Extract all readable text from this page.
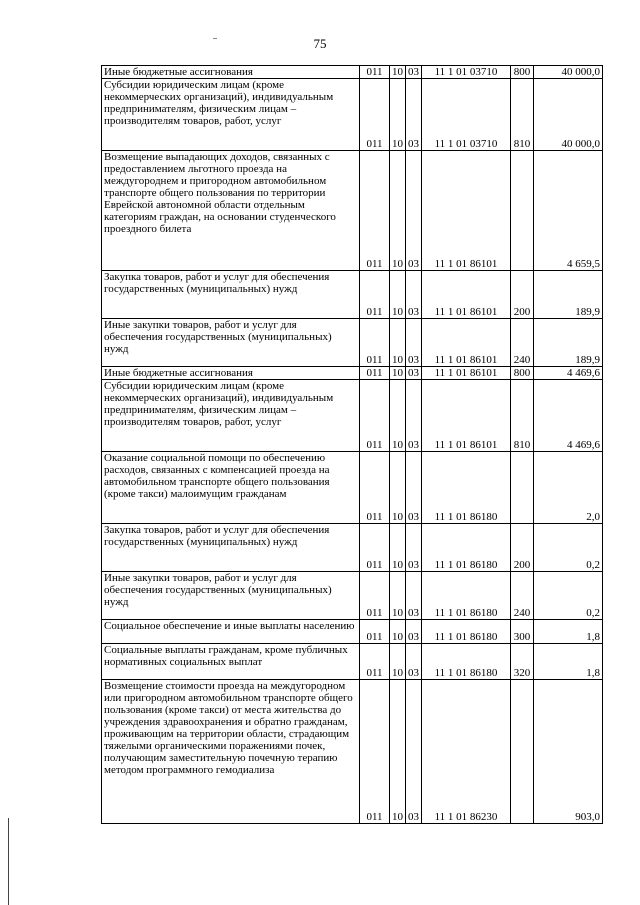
75
Иные бюджетные ассигнования	011	10	03	11 1 01 03710	800	40 000,0
Субсидии юридическим лицам (кроме некоммерческих организаций), индивидуальным предпринимателям, физическим лицам – производителям товаров, работ, услуг	011	10	03	11 1 01 03710	810	40 000,0
Возмещение выпадающих доходов, связанных с предоставлением льготного проезда на междугороднем и пригородном автомобильном транспорте общего пользования по территории Еврейской автономной области отдельным категориям граждан, на основании студенческого проездного билета	011	10	03	11 1 01 86101		4 659,5
Закупка товаров, работ и услуг для обеспечения государственных (муниципальных) нужд	011	10	03	11 1 01 86101	200	189,9
Иные закупки товаров, работ и услуг для обеспечения государственных (муниципальных) нужд	011	10	03	11 1 01 86101	240	189,9
Иные бюджетные ассигнования	011	10	03	11 1 01 86101	800	4 469,6
Субсидии юридическим лицам (кроме некоммерческих организаций), индивидуальным предпринимателям, физическим лицам – производителям товаров, работ, услуг	011	10	03	11 1 01 86101	810	4 469,6
Оказание социальной помощи по обеспечению расходов, связанных с компенсацией проезда на автомобильном транспорте общего пользования (кроме такси) малоимущим гражданам	011	10	03	11 1 01 86180		2,0
Закупка товаров, работ и услуг для обеспечения государственных (муниципальных) нужд	011	10	03	11 1 01 86180	200	0,2
Иные закупки товаров, работ и услуг для обеспечения государственных (муниципальных) нужд	011	10	03	11 1 01 86180	240	0,2
Социальное обеспечение и иные выплаты населению	011	10	03	11 1 01 86180	300	1,8
Социальные выплаты гражданам, кроме публичных нормативных социальных выплат	011	10	03	11 1 01 86180	320	1,8
Возмещение стоимости проезда на междугородном или пригородном автомобильном транспорте общего пользования (кроме такси) от места жительства до учреждения здравоохранения и обратно гражданам, проживающим на территории области, страдающим тяжелыми органическими поражениями почек, получающим заместительную почечную терапию методом программного гемодиализа	011	10	03	11 1 01 86230		903,0
